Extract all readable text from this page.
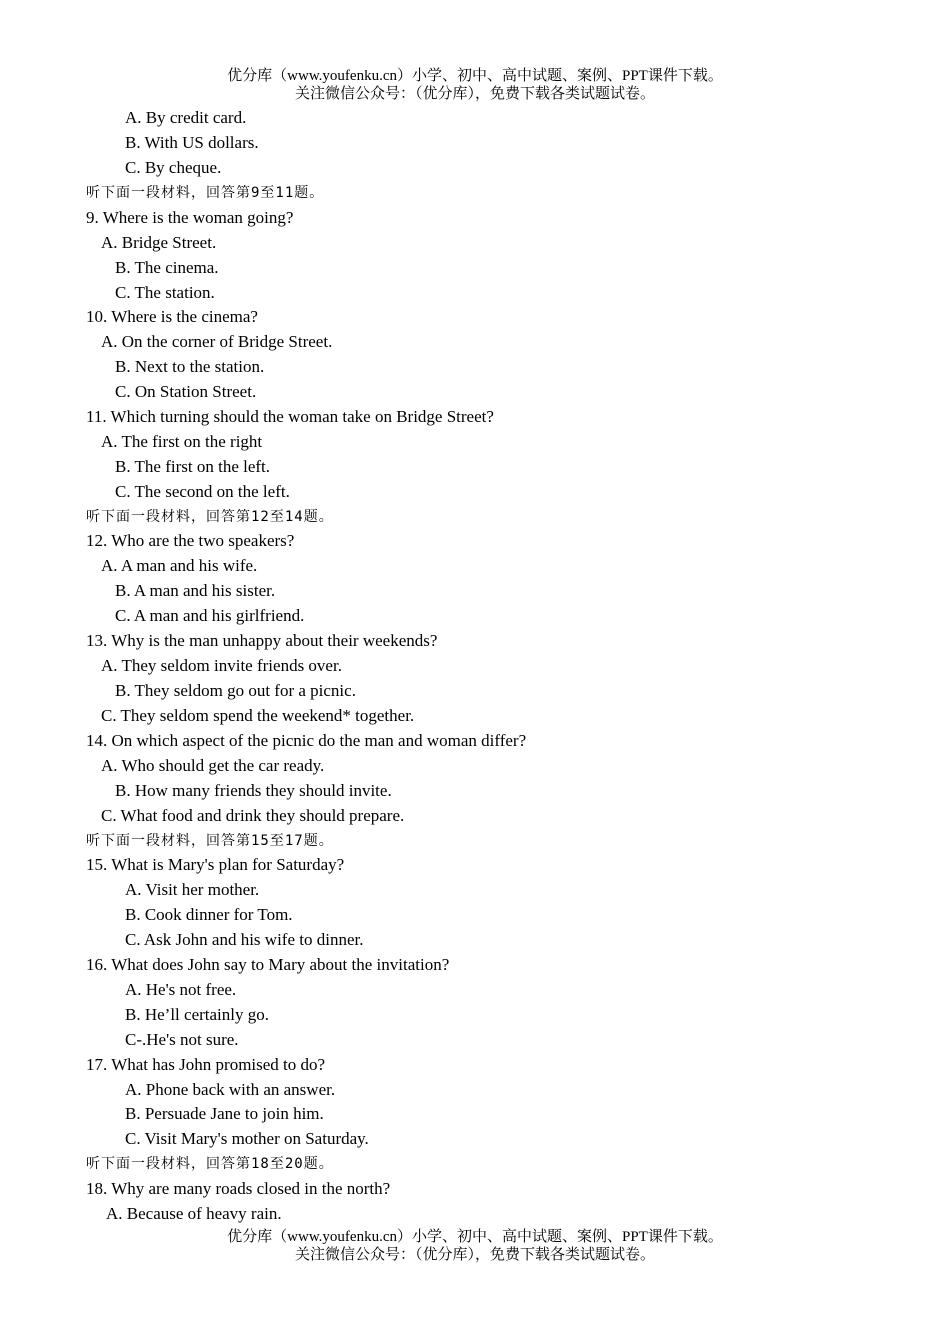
优分库（www.youfenku.cn）小学、初中、高中试题、案例、PPT课件下载。
关注微信公众号：（优分库），免费下载各类试题试卷。
A. By credit card.
B. With US dollars.
C. By cheque.
听下面一段材料，回答第9至11题。
9. Where is the woman going?
A. Bridge Street.
B. The cinema.
C. The station.
10. Where is the cinema?
A. On the corner of Bridge Street.
B. Next to the station.
C. On Station Street.
11. Which turning should the woman take on Bridge Street?
A. The first on the right
B. The first on the left.
C. The second on the left.
听下面一段材料，回答第12至14题。
12. Who are the two speakers?
A. A man and his wife.
B. A man and his sister.
C. A man and his girlfriend.
13. Why is the man unhappy about their weekends?
A. They seldom invite friends over.
B. They seldom go out for a picnic.
C. They seldom spend the weekend* together.
14. On which aspect of the picnic do the man and woman differ?
A. Who should get the car ready.
B. How many friends they should invite.
C. What food and drink they should prepare.
听下面一段材料，回答第15至17题。
15. What is Mary's plan for Saturday?
A. Visit her mother.
B. Cook dinner for Tom.
C. Ask John and his wife to dinner.
16. What does John say to Mary about the invitation?
A. He's not free.
B. He’ll certainly go.
C-.He's not sure.
17. What has John promised to do?
A. Phone back with an answer.
B. Persuade Jane to join him.
C. Visit Mary's mother on Saturday.
听下面一段材料，回答第18至20题。
18. Why are many roads closed in the north?
A. Because of heavy rain.
优分库（www.youfenku.cn）小学、初中、高中试题、案例、PPT课件下载。
关注微信公众号：（优分库），免费下载各类试题试卷。
